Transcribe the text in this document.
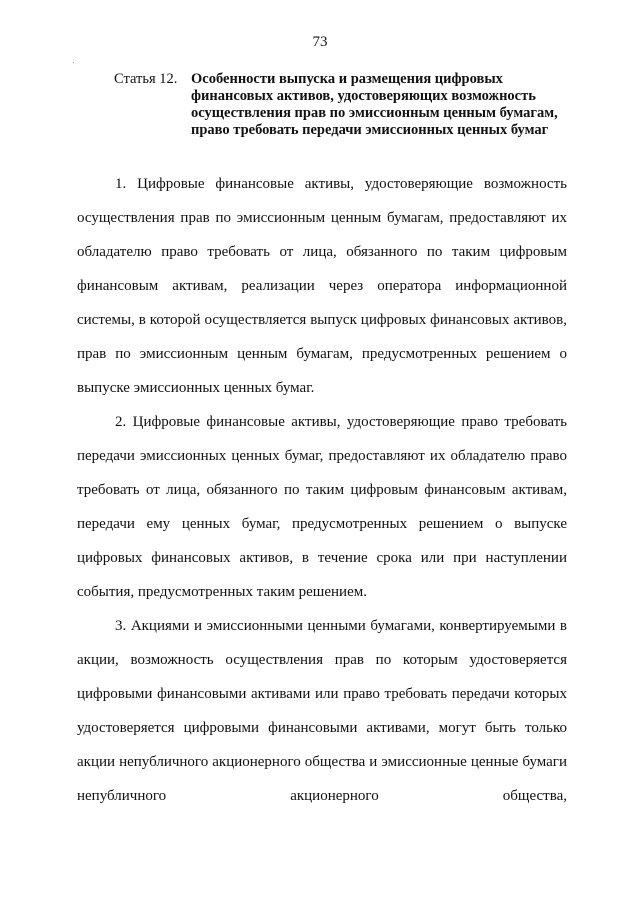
73
Статья 12. Особенности выпуска и размещения цифровых финансовых активов, удостоверяющих возможность осуществления прав по эмиссионным ценным бумагам, право требовать передачи эмиссионных ценных бумаг

1. Цифровые финансовые активы, удостоверяющие возможность осуществления прав по эмиссионным ценным бумагам, предоставляют их обладателю право требовать от лица, обязанного по таким цифровым финансовым активам, реализации через оператора информационной системы, в которой осуществляется выпуск цифровых финансовых активов, прав по эмиссионным ценным бумагам, предусмотренных решением о выпуске эмиссионных ценных бумаг.

2. Цифровые финансовые активы, удостоверяющие право требовать передачи эмиссионных ценных бумаг, предоставляют их обладателю право требовать от лица, обязанного по таким цифровым финансовым активам, передачи ему ценных бумаг, предусмотренных решением о выпуске цифровых финансовых активов, в течение срока или при наступлении события, предусмотренных таким решением.

3. Акциями и эмиссионными ценными бумагами, конвертируемыми в акции, возможность осуществления прав по которым удостоверяется цифровыми финансовыми активами или право требовать передачи которых удостоверяется цифровыми финансовыми активами, могут быть только акции непубличного акционерного общества и эмиссионные ценные бумаги непубличного акционерного общества,
